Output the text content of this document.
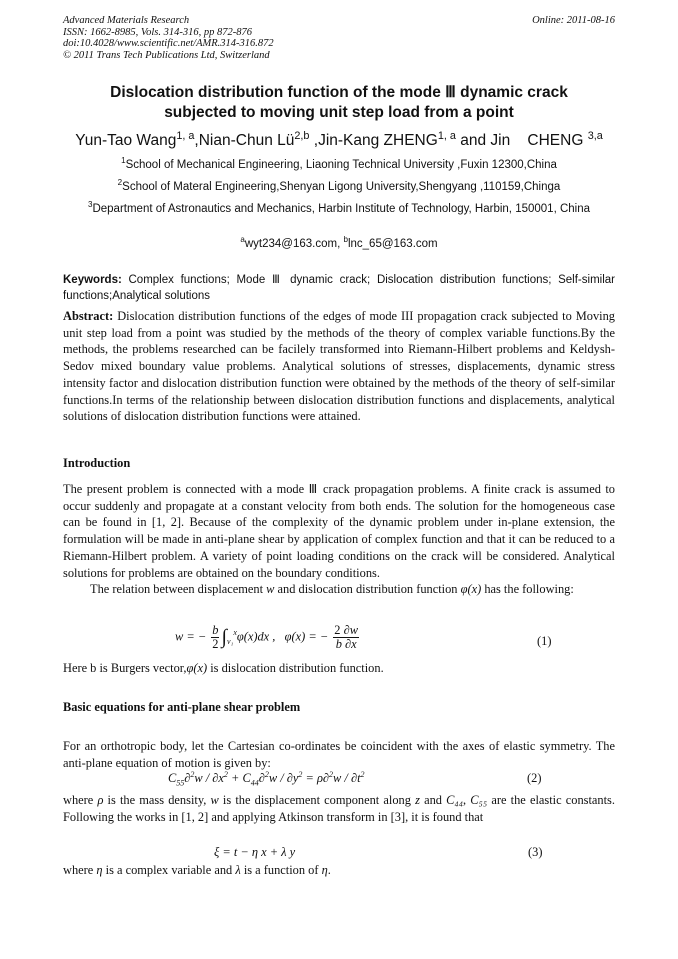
Advanced Materials Research
ISSN: 1662-8985, Vols. 314-316, pp 872-876
doi:10.4028/www.scientific.net/AMR.314-316.872
© 2011 Trans Tech Publications Ltd, Switzerland
Online: 2011-08-16
Dislocation distribution function of the mode Ⅲ dynamic crack
subjected to moving unit step load from a point
Yun-Tao Wang$^{1, a}$,Nian-Chun Lü$^{2,b}$ ,Jin-Kang ZHENG$^{1, a}$ and Jin    CHENG $^{3,a}$
$^1$School of Mechanical Engineering, Liaoning Technical University ,Fuxin 12300,China
$^2$School of Materal Engineering,Shenyan Ligong University,Shengyang ,110159,Chinga
$^3$Department of Astronautics and Mechanics, Harbin Institute of Technology, Harbin, 150001, China
$^a$wyt234@163.com, $^b$lnc_65@163.com
Keywords: Complex functions; Mode Ⅲ dynamic crack; Dislocation distribution functions; Self-similar functions;Analytical solutions
Abstract: Dislocation distribution functions of the edges of mode III propagation crack subjected to Moving unit step load from a point was studied by the methods of the theory of complex variable functions.By the methods, the problems researched can be facilely transformed into Riemann-Hilbert problems and Keldysh-Sedov mixed boundary value problems. Analytical solutions of stresses, displacements, dynamic stress intensity factor and dislocation distribution function were obtained by the methods of the theory of self-similar functions.In terms of the relationship between dislocation distribution functions and displacements, analytical solutions of dislocation distribution functions were attained.
Introduction
The present problem is connected with a mode Ⅲ crack propagation problems. A finite crack is assumed to occur suddenly and propagate at a constant velocity from both ends. The solution for the homogeneous case can be found in [1, 2]. Because of the complexity of the dynamic problem under in-plane extension, the formulation will be made in anti-plane shear by application of complex function and that it can be reduced to a Riemann-Hilbert problem. A variety of point loading conditions on the crack will be considered. Analytical solutions for problems are obtained on the boundary conditions.
The relation between displacement w and dislocation distribution function φ(x) has the following:
w = − $\frac{b}{2} \int_{v_1}^x\varphi(x)dx$ ,   φ(x) = − $\frac{2 \partial w}{b \partial x}$	(1)
Here b is Burgers vector,φ(x) is dislocation distribution function.
Basic equations for anti-plane shear problem
For an orthotropic body, let the Cartesian co-ordinates be coincident with the axes of elastic symmetry. The anti-plane equation of motion is given by:
$C_{55}\partial^2w / \partial x^2 + C_{44}\partial^2w / \partial y^2 = \rho\partial^2w / \partial t^2$	(2)
where ρ is the mass density, w is the displacement component along z and C₄₄, C₅₅ are the elastic constants. Following the works in [1, 2] and applying Atkinson transform in [3], it is found that
ξ = t − η x + λ y	(3)
where η is a complex variable and λ is a function of η.
